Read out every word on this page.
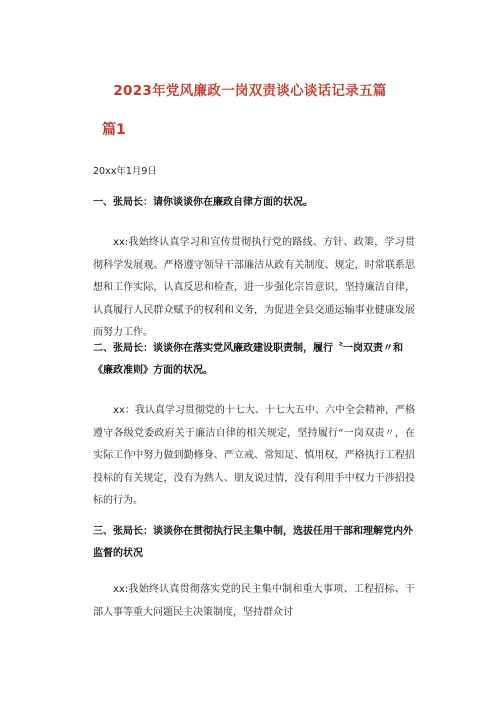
2023年党风廉政一岗双责谈心谈话记录五篇
篇1
20xx年1月9日
一、张局长：请你谈谈你在廉政自律方面的状况。
xx:我始终认真学习和宣传贯彻执行党的路线、方针、政策，学习贯彻科学发展观。严格遵守领导干部廉洁从政有关制度、规定，时常联系思想和工作实际，认真反思和检查，进一步强化宗旨意识，坚持廉洁自律，认真履行人民群众赋予的权利和义务，为促进全县交通运输事业健康发展而努力工作。
二、张局长：谈谈你在落实党风廉政建设职责制，履行〝一岗双责〃和《廉政准则》方面的状况。
xx：我认真学习贯彻党的十七大、十七大五中、六中全会精神，严格遵守各级党委政府关于廉洁自律的相关规定，坚持履行“一岗双责〃，在实际工作中努力做到勤修身、严立戒、常知足、慎用权，严格执行工程招投标的有关规定，没有为熟人、朋友说过情，没有利用手中权力干涉招投标的行为。
三、张局长：谈谈你在贯彻执行民主集中制，选拔任用干部和理解党内外监督的状况
xx:我始终认真贯彻落实党的民主集中制和重大事项、工程招标、干部人事等重大问题民主决策制度，坚持群众讨
